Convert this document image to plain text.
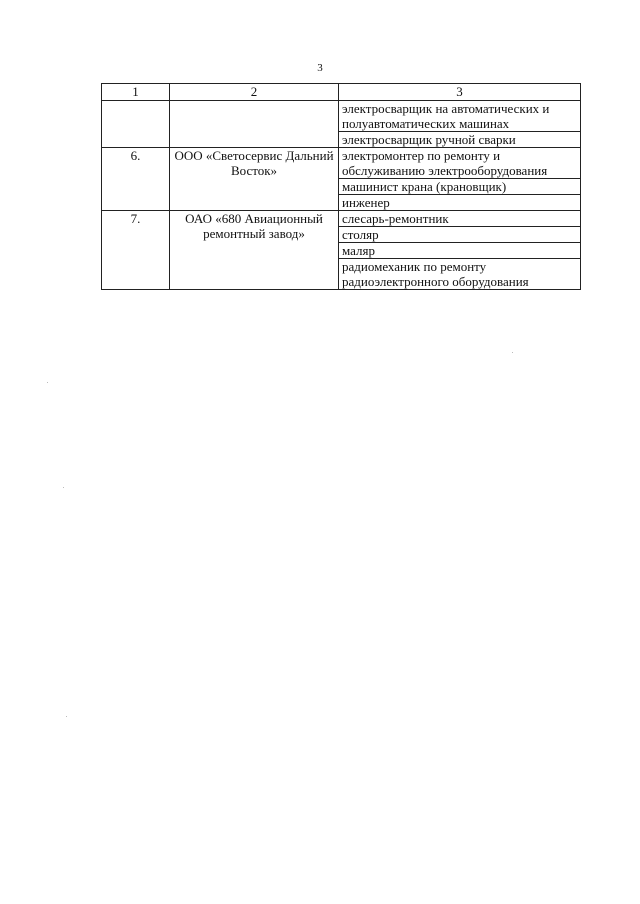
3
1	2	3
		электросварщик на автоматических и полуавтоматических машинах
		электросварщик ручной сварки
6.	ООО «Светосервис Дальний Восток»	электромонтер по ремонту и обслуживанию электрооборудования
		машинист крана (крановщик)
		инженер
7.	ОАО «680 Авиационный ремонтный завод»	слесарь-ремонтник
		столяр
		маляр
		радиомеханик по ремонту радиоэлектронного оборудования
